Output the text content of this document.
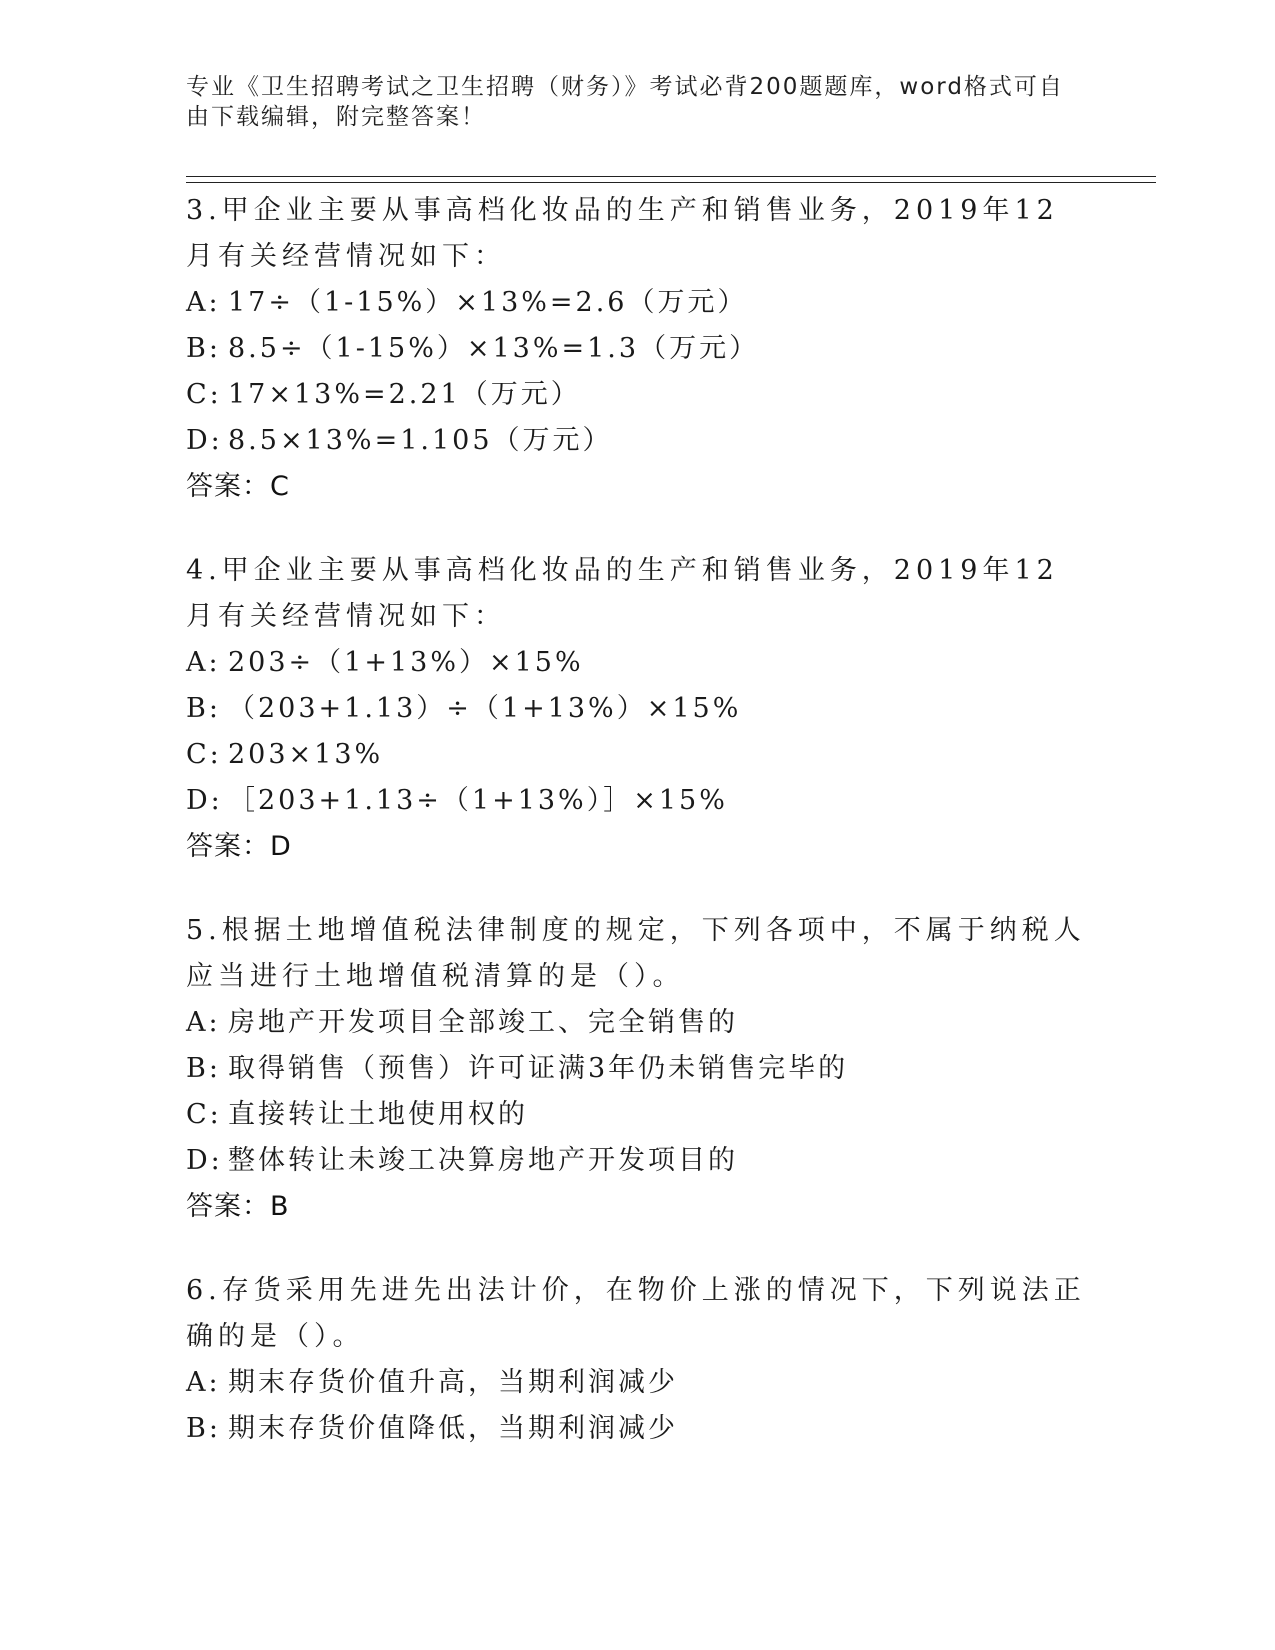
专业《卫生招聘考试之卫生招聘（财务）》考试必背200题题库，word格式可自由下载编辑，附完整答案！

3.甲企业主要从事高档化妆品的生产和销售业务，2019年12月有关经营情况如下：

A: 17÷（1-15%）×13%=2.6（万元）

B: 8.5÷（1-15%）×13%=1.3（万元）

C: 17×13%=2.21（万元）

D: 8.5×13%=1.105（万元）

答案：C

4.甲企业主要从事高档化妆品的生产和销售业务，2019年12月有关经营情况如下：

A: 203÷（1+13%）×15%

B: （203+1.13）÷（1+13%）×15%

C: 203×13%

D: ［203+1.13÷（1+13%）］×15%

答案：D

5.根据土地增值税法律制度的规定，下列各项中，不属于纳税人应当进行土地增值税清算的是（）。

A: 房地产开发项目全部竣工、完全销售的

B: 取得销售（预售）许可证满3年仍未销售完毕的

C: 直接转让土地使用权的

D: 整体转让未竣工决算房地产开发项目的

答案：B

6.存货采用先进先出法计价，在物价上涨的情况下，下列说法正确的是（）。

A: 期末存货价值升高，当期利润减少

B: 期末存货价值降低，当期利润减少
